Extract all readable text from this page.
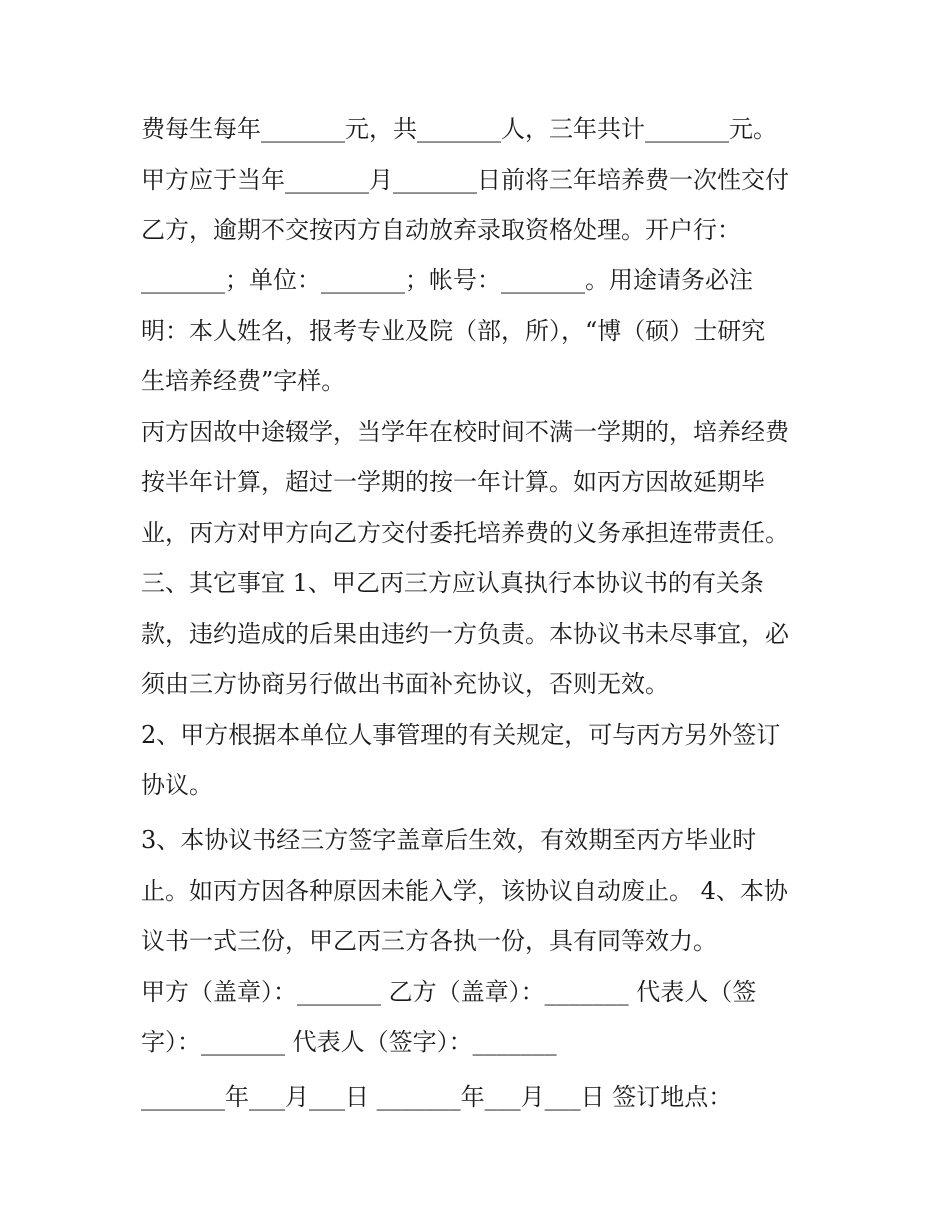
费每生每年_______元，共_______人，三年共计_______元。
甲方应于当年_______月_______日前将三年培养费一次性交付
乙方，逾期不交按丙方自动放弃录取资格处理。开户行：
_______；单位：_______；帐号：_______。用途请务必注
明：本人姓名，报考专业及院（部，所），“博（硕）士研究
生培养经费”字样。
丙方因故中途辍学，当学年在校时间不满一学期的，培养经费
按半年计算，超过一学期的按一年计算。如丙方因故延期毕
业，丙方对甲方向乙方交付委托培养费的义务承担连带责任。
三、其它事宜 1、甲乙丙三方应认真执行本协议书的有关条
款，违约造成的后果由违约一方负责。本协议书未尽事宜，必
须由三方协商另行做出书面补充协议，否则无效。
2、甲方根据本单位人事管理的有关规定，可与丙方另外签订
协议。
3、本协议书经三方签字盖章后生效，有效期至丙方毕业时
止。如丙方因各种原因未能入学，该协议自动废止。 4、本协
议书一式三份，甲乙丙三方各执一份，具有同等效力。
甲方（盖章）：_______ 乙方（盖章）：_______ 代表人（签
字）：_______ 代表人（签字）：_______
_______年___月___日 _______年___月___日 签订地点：
